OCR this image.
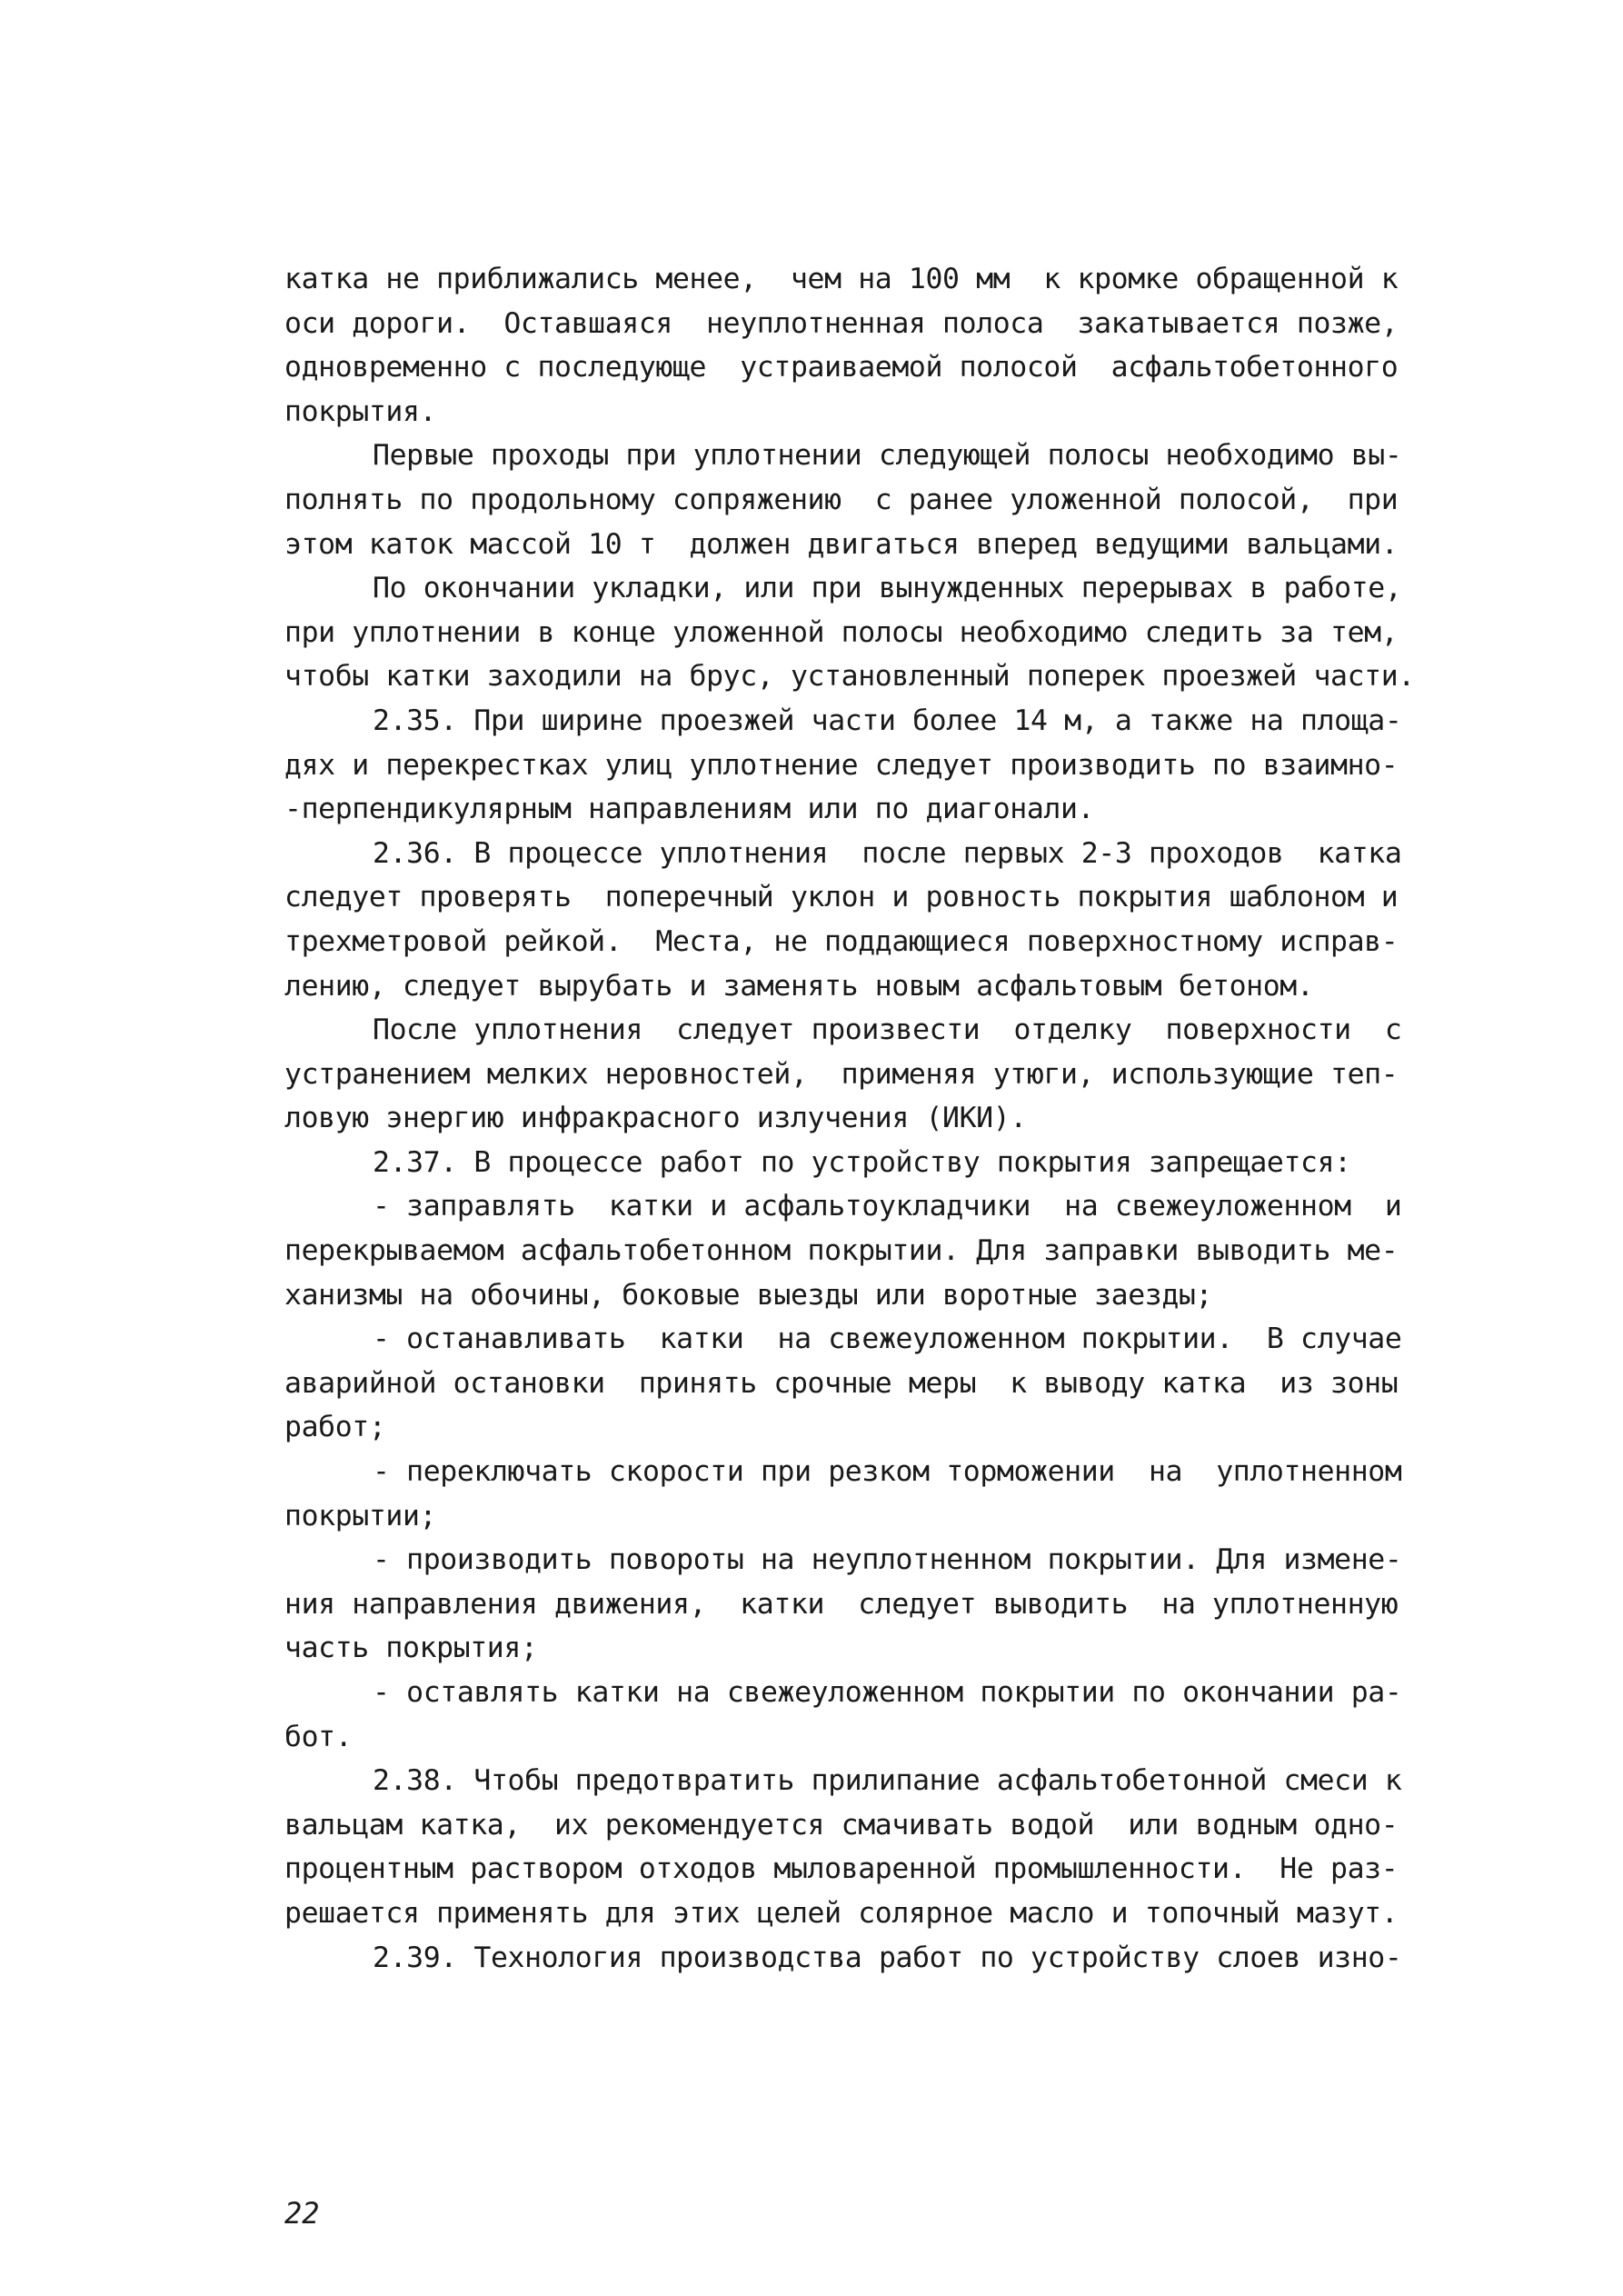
катка не приближались менее,  чем на 100 мм  к кромке обращенной к
оси дороги.  Оставшаяся  неуплотненная полоса  закатывается позже,
одновременно с последующе  устраиваемой полосой  асфальтобетонного
покрытия.
Первые проходы при уплотнении следующей полосы необходимо вы-
полнять по продольному сопряжению  с ранее уложенной полосой,  при
этом каток массой 10 т  должен двигаться вперед ведущими вальцами.
По окончании укладки, или при вынужденных перерывах в работе,
при уплотнении в конце уложенной полосы необходимо следить за тем,
чтобы катки заходили на брус, установленный поперек проезжей части.
2.35. При ширине проезжей части более 14 м, а также на площа-
дях и перекрестках улиц уплотнение следует производить по взаимно-
-перпендикулярным направлениям или по диагонали.
2.36. В процессе уплотнения  после первых 2-3 проходов  катка
следует проверять  поперечный уклон и ровность покрытия шаблоном и
трехметровой рейкой.  Места, не поддающиеся поверхностному исправ-
лению, следует вырубать и заменять новым асфальтовым бетоном.
После уплотнения  следует произвести  отделку  поверхности  с
устранением мелких неровностей,  применяя утюги, использующие теп-
ловую энергию инфракрасного излучения (ИКИ).
2.37. В процессе работ по устройству покрытия запрещается:
- заправлять  катки и асфальтоукладчики  на свежеуложенном  и
перекрываемом асфальтобетонном покрытии. Для заправки выводить ме-
ханизмы на обочины, боковые выезды или воротные заезды;
- останавливать  катки  на свежеуложенном покрытии.  В случае
аварийной остановки  принять срочные меры  к выводу катка  из зоны
работ;
- переключать скорости при резком торможении  на  уплотненном
покрытии;
- производить повороты на неуплотненном покрытии. Для измене-
ния направления движения,  катки  следует выводить  на уплотненную
часть покрытия;
- оставлять катки на свежеуложенном покрытии по окончании ра-
бот.
2.38. Чтобы предотвратить прилипание асфальтобетонной смеси к
вальцам катка,  их рекомендуется смачивать водой  или водным одно-
процентным раствором отходов мыловаренной промышленности.  Не раз-
решается применять для этих целей солярное масло и топочный мазут.
2.39. Технология производства работ по устройству слоев изно-
22
